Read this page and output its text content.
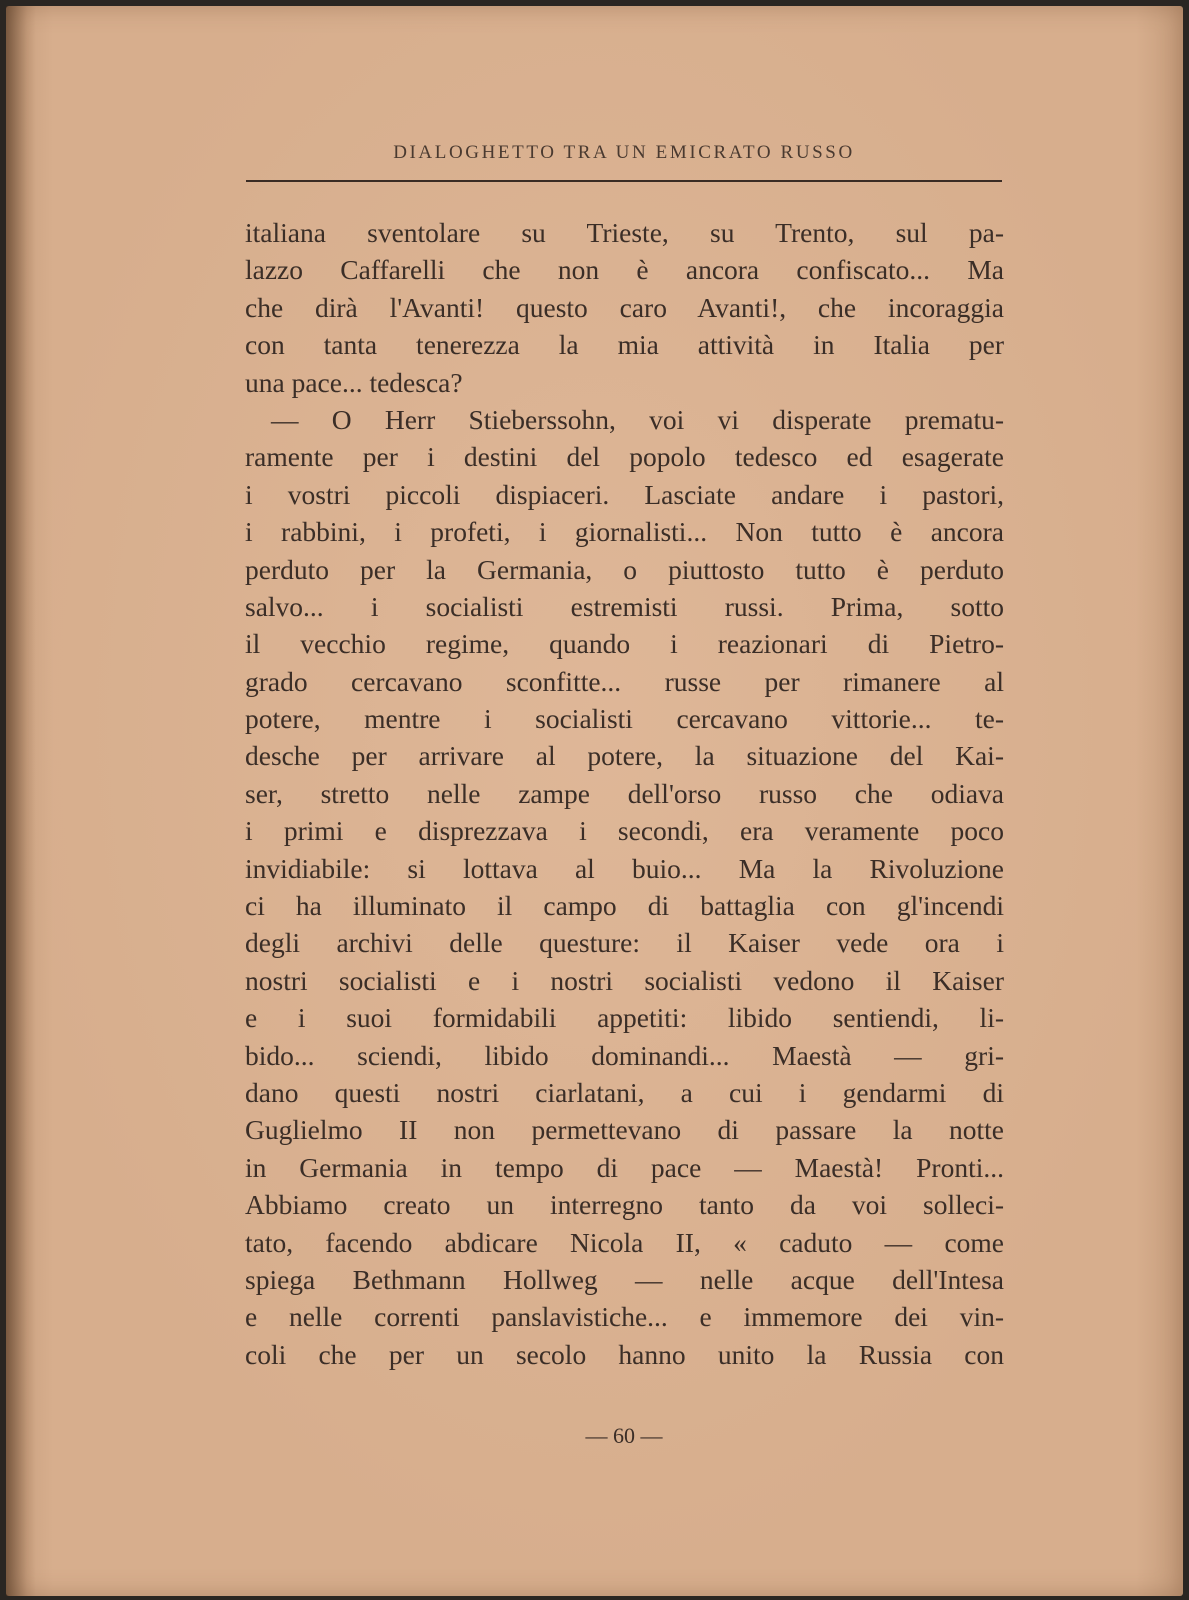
DIALOGHETTO TRA UN EMICRATO RUSSO
italiana sventolare su Trieste, su Trento, sul pa-
lazzo Caffarelli che non è ancora confiscato... Ma
che dirà l'Avanti! questo caro Avanti!, che incoraggia
con tanta tenerezza la mia attività in Italia per
una pace... tedesca?
— O Herr Stieberssohn, voi vi disperate prematu-
ramente per i destini del popolo tedesco ed esagerate
i vostri piccoli dispiaceri. Lasciate andare i pastori,
i rabbini, i profeti, i giornalisti... Non tutto è ancora
perduto per la Germania, o piuttosto tutto è perduto
salvo... i socialisti estremisti russi. Prima, sotto
il vecchio regime, quando i reazionari di Pietro-
grado cercavano sconfitte... russe per rimanere al
potere, mentre i socialisti cercavano vittorie... te-
desche per arrivare al potere, la situazione del Kai-
ser, stretto nelle zampe dell'orso russo che odiava
i primi e disprezzava i secondi, era veramente poco
invidiabile: si lottava al buio... Ma la Rivoluzione
ci ha illuminato il campo di battaglia con gl'incendi
degli archivi delle questure: il Kaiser vede ora i
nostri socialisti e i nostri socialisti vedono il Kaiser
e i suoi formidabili appetiti: libido sentiendi, li-
bido... sciendi, libido dominandi... Maestà — gri-
dano questi nostri ciarlatani, a cui i gendarmi di
Guglielmo II non permettevano di passare la notte
in Germania in tempo di pace — Maestà! Pronti...
Abbiamo creato un interregno tanto da voi solleci-
tato, facendo abdicare Nicola II, « caduto — come
spiega Bethmann Hollweg — nelle acque dell'Intesa
e nelle correnti panslavistiche... e immemore dei vin-
coli che per un secolo hanno unito la Russia con
— 60 —
